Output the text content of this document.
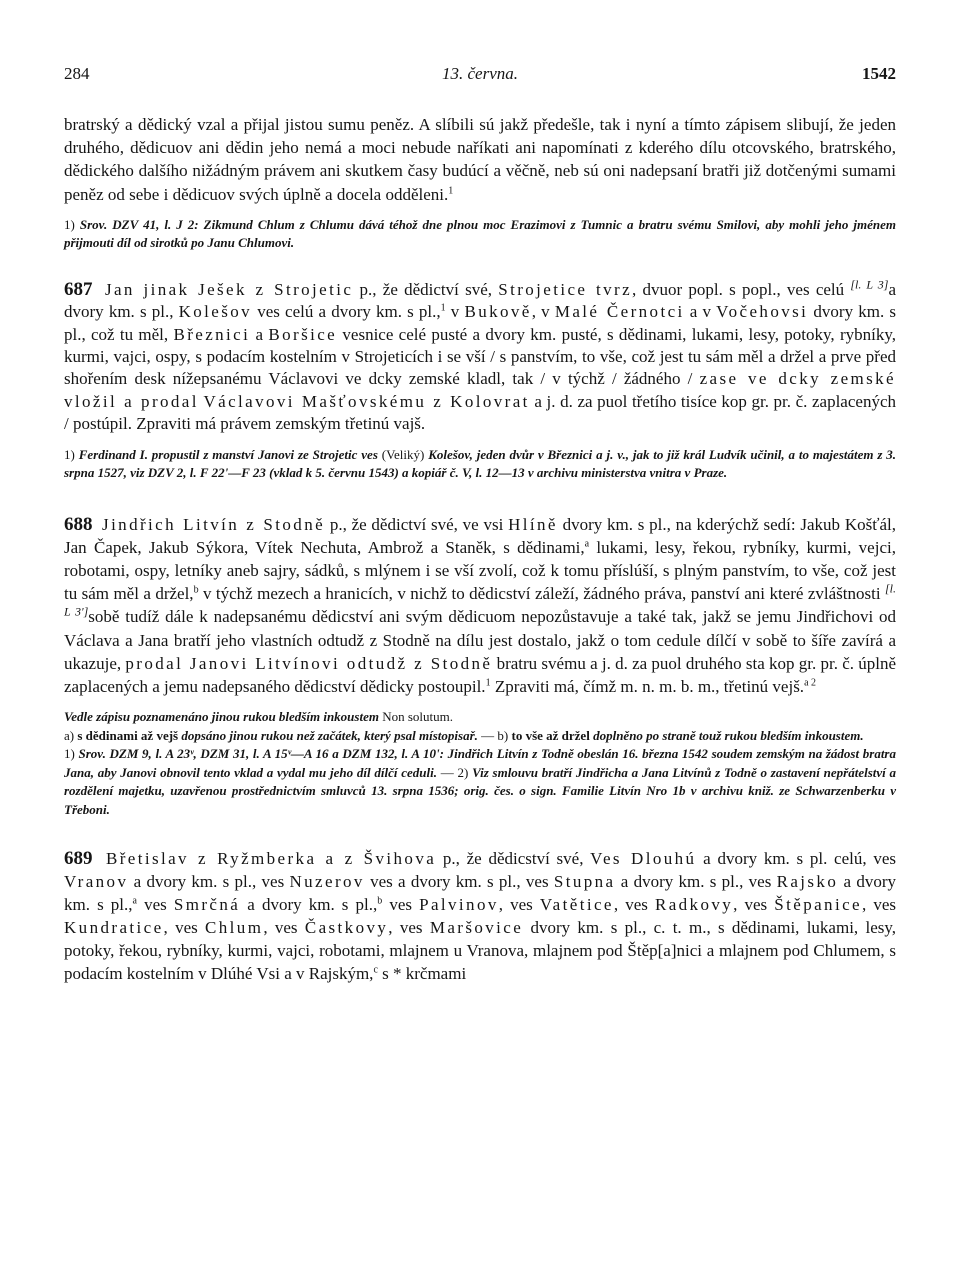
284	13. června.	1542

bratrský a dědický vzal a přijal jistou sumu peněz. A slíbili sú jakž předešle, tak i nyní a tímto zápisem slibují, že jeden druhého, dědicuov ani dědin jeho nemá a moci nebude naříkati ani napomínati z kderého dílu otcovského, bratrského, dědického dalšího nižádným právem ani skutkem časy budúcí a věčně, neb sú oni nadepsaní bratři již dotčenými sumami peněz od sebe i dědicuov svých úplně a docela odděleni.$^1$

1) Srov. DZV 41, l. J 2: Zikmund Chlum z Chlumu dává téhož dne plnou moc Erazimovi z Tumnic a bratru svému Smilovi, aby mohli jeho jménem přijmouti díl od sirotků po Janu Chlumovi.

687 Jan jinak Ješek z Strojetic p., že dědictví své, Strojetice tvrz, dvuor popl. s popl., ves celú [l. L 3]a dvory km. s pl., Kolešov ves celú a dvory km. s pl.,$^1$ v Bukově, v Malé Černotci a v Vočehovsi dvory km. s pl., což tu měl, Březnici a Boršice vesnice celé pusté a dvory km. pusté, s dědinami, lukami, lesy, potoky, rybníky, kurmi, vajci, ospy, s podacím kostelním v Strojeticích i se vší / s panstvím, to vše, což jest tu sám měl a držel a prve před shořením desk nížepsanému Václavovi ve dcky zemské kladl, tak / v týchž / žádného / zase ve dcky zemské vložil a prodal Václavovi Mašťovskému z Kolovrat a j. d. za puol třetího tisíce kop gr. pr. č. zaplacených / postúpil. Zpraviti má právem zemským třetinú vajš.

1) Ferdinand I. propustil z manství Janovi ze Strojetic ves (Veliký) Kolešov, jeden dvůr v Březnici a j. v., jak to již král Ludvík učinil, a to majestátem z 3. srpna 1527, viz DZV 2, l. F 22'—F 23 (vklad k 5. červnu 1543) a kopiář č. V, l. 12—13 v archivu ministerstva vnitra v Praze.

688 Jindřich Litvín z Stodně p., že dědictví své, ve vsi Hlíně dvory km. s pl., na kderýchž sedí: Jakub Košťál, Jan Čapek, Jakub Sýkora, Vítek Nechuta, Ambrož a Staněk, s dědinami,$^a$ lukami, lesy, řekou, rybníky, kurmi, vejci, robotami, ospy, letníky aneb sajry, sádků, s mlýnem i se vší zvolí, což k tomu příslúší, s plným panstvím, to vše, což jest tu sám měl a držel,$^b$ v týchž mezech a hranicích, v nichž to dědicství záleží, žádného práva, panství ani které zvláštnosti [l. L 3']sobě tudíž dále k nadepsanému dědicství ani svým dědicuom nepozůstavuje a také tak, jakž se jemu Jindřichovi od Václava a Jana bratří jeho vlastních odtudž z Stodně na dílu jest dostalo, jakž o tom cedule dílčí v sobě to šíře zavírá a ukazuje, prodal Janovi Litvínovi odtudž z Stodně bratru svému a j. d. za puol druhého sta kop gr. pr. č. úplně zaplacených a jemu nadepsaného dědicství dědicky postoupil.$^1$ Zpraviti má, čímž m. n. m. b. m., třetinú vejš.$^{a 2}$

Vedle zápisu poznamenáno jinou rukou bledším inkoustem Non solutum.

a) s dědinami až vejš dopsáno jinou rukou než začátek, který psal místopisař. — b) to vše až držel doplněno po straně touž rukou bledším inkoustem.

1) Srov. DZM 9, l. A 23ᵛ, DZM 31, l. A 15ᵛ—A 16 a DZM 132, l. A 10': Jindřich Litvín z Todně obeslán 16. března 1542 soudem zemským na žádost bratra Jana, aby Janovi obnovil tento vklad a vydal mu jeho díl dílčí ceduli. — 2) Viz smlouvu bratří Jindřicha a Jana Litvínů z Todně o zastavení nepřátelství a rozdělení majetku, uzavřenou prostřednictvím smluvců 13. srpna 1536; orig. čes. o sign. Familie Litvín Nro 1b v archivu kniž. ze Schwarzenberku v Třeboni.

689 Břetislav z Ryžmberka a z Švihova p., že dědicství své, Ves Dlouhú a dvory km. s pl. celú, ves Vranov a dvory km. s pl., ves Nuzerov ves a dvory km. s pl., ves Stupna a dvory km. s pl., ves Rajsko a dvory km. s pl.,$^a$ ves Smrčná a dvory km. s pl.,$^b$ ves Palvinov, ves Vatětice, ves Radkovy, ves Štěpanice, ves Kundratice, ves Chlum, ves Častkovy, ves Maršovice dvory km. s pl., c. t. m., s dědinami, lukami, lesy, potoky, řekou, rybníky, kurmi, vajci, robotami, mlajnem u Vranova, mlajnem pod Štěp[a]nici a mlajnem pod Chlumem, s podacím kostelním v Dlúhé Vsi a v Rajským,$^c$ s * krčmami
